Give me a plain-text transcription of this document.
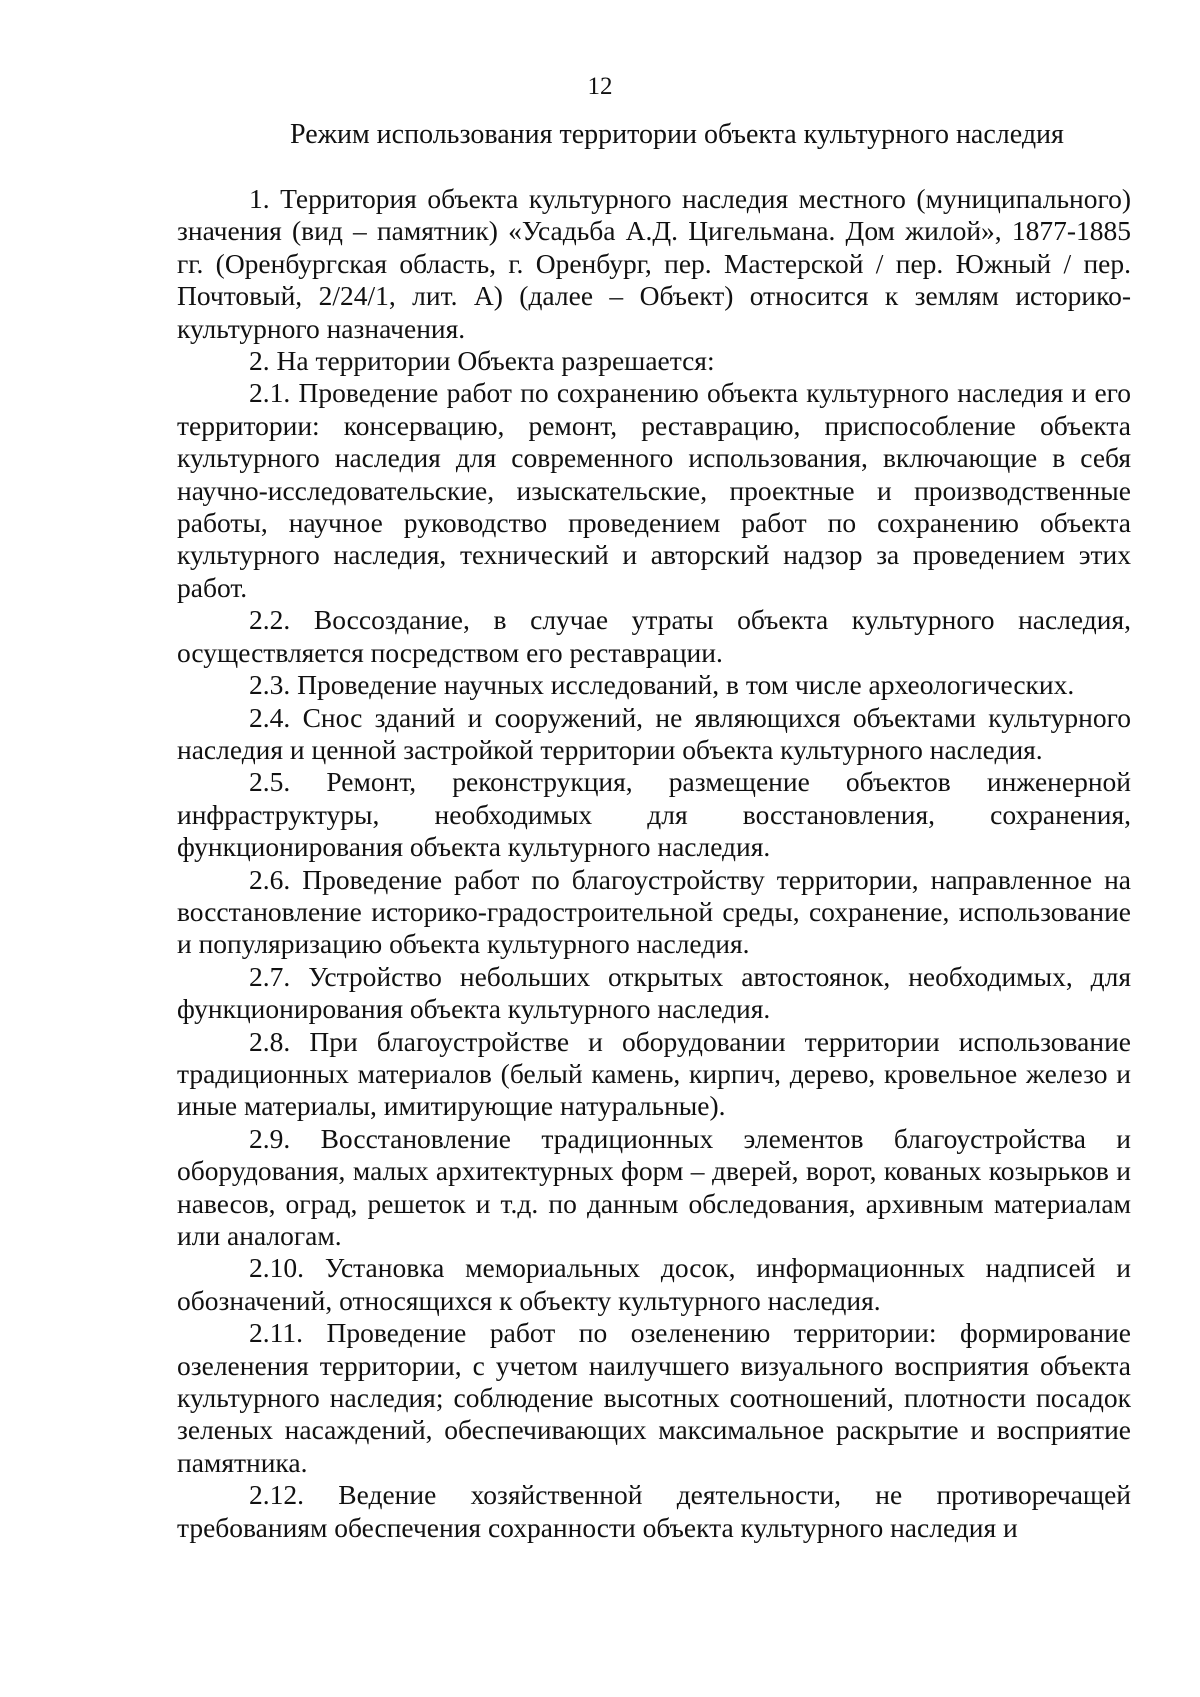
12
Режим использования территории объекта культурного наследия

1. Территория объекта культурного наследия местного (муниципального) значения (вид – памятник) «Усадьба А.Д. Цигельмана. Дом жилой», 1877-1885 гг. (Оренбургская область, г. Оренбург, пер. Мастерской / пер. Южный / пер. Почтовый, 2/24/1, лит. А) (далее – Объект) относится к землям историко-культурного назначения.

2. На территории Объекта разрешается:

2.1. Проведение работ по сохранению объекта культурного наследия и его территории: консервацию, ремонт, реставрацию, приспособление объекта культурного наследия для современного использования, включающие в себя научно-исследовательские, изыскательские, проектные и производственные работы, научное руководство проведением работ по сохранению объекта культурного наследия, технический и авторский надзор за проведением этих работ.

2.2. Воссоздание, в случае утраты объекта культурного наследия, осуществляется посредством его реставрации.

2.3. Проведение научных исследований, в том числе археологических.

2.4. Снос зданий и сооружений, не являющихся объектами культурного наследия и ценной застройкой территории объекта культурного наследия.

2.5. Ремонт, реконструкция, размещение объектов инженерной инфраструктуры, необходимых для восстановления, сохранения, функционирования объекта культурного наследия.

2.6. Проведение работ по благоустройству территории, направленное на восстановление историко-градостроительной среды, сохранение, использование и популяризацию объекта культурного наследия.

2.7. Устройство небольших открытых автостоянок, необходимых, для функционирования объекта культурного наследия.

2.8. При благоустройстве и оборудовании территории использование традиционных материалов (белый камень, кирпич, дерево, кровельное железо и иные материалы, имитирующие натуральные).

2.9. Восстановление традиционных элементов благоустройства и оборудования, малых архитектурных форм – дверей, ворот, кованых козырьков и навесов, оград, решеток и т.д. по данным обследования, архивным материалам или аналогам.

2.10. Установка мемориальных досок, информационных надписей и обозначений, относящихся к объекту культурного наследия.

2.11. Проведение работ по озеленению территории: формирование озеленения территории, с учетом наилучшего визуального восприятия объекта культурного наследия; соблюдение высотных соотношений, плотности посадок зеленых насаждений, обеспечивающих максимальное раскрытие и восприятие памятника.

2.12. Ведение хозяйственной деятельности, не противоречащей требованиям обеспечения сохранности объекта культурного наследия и
